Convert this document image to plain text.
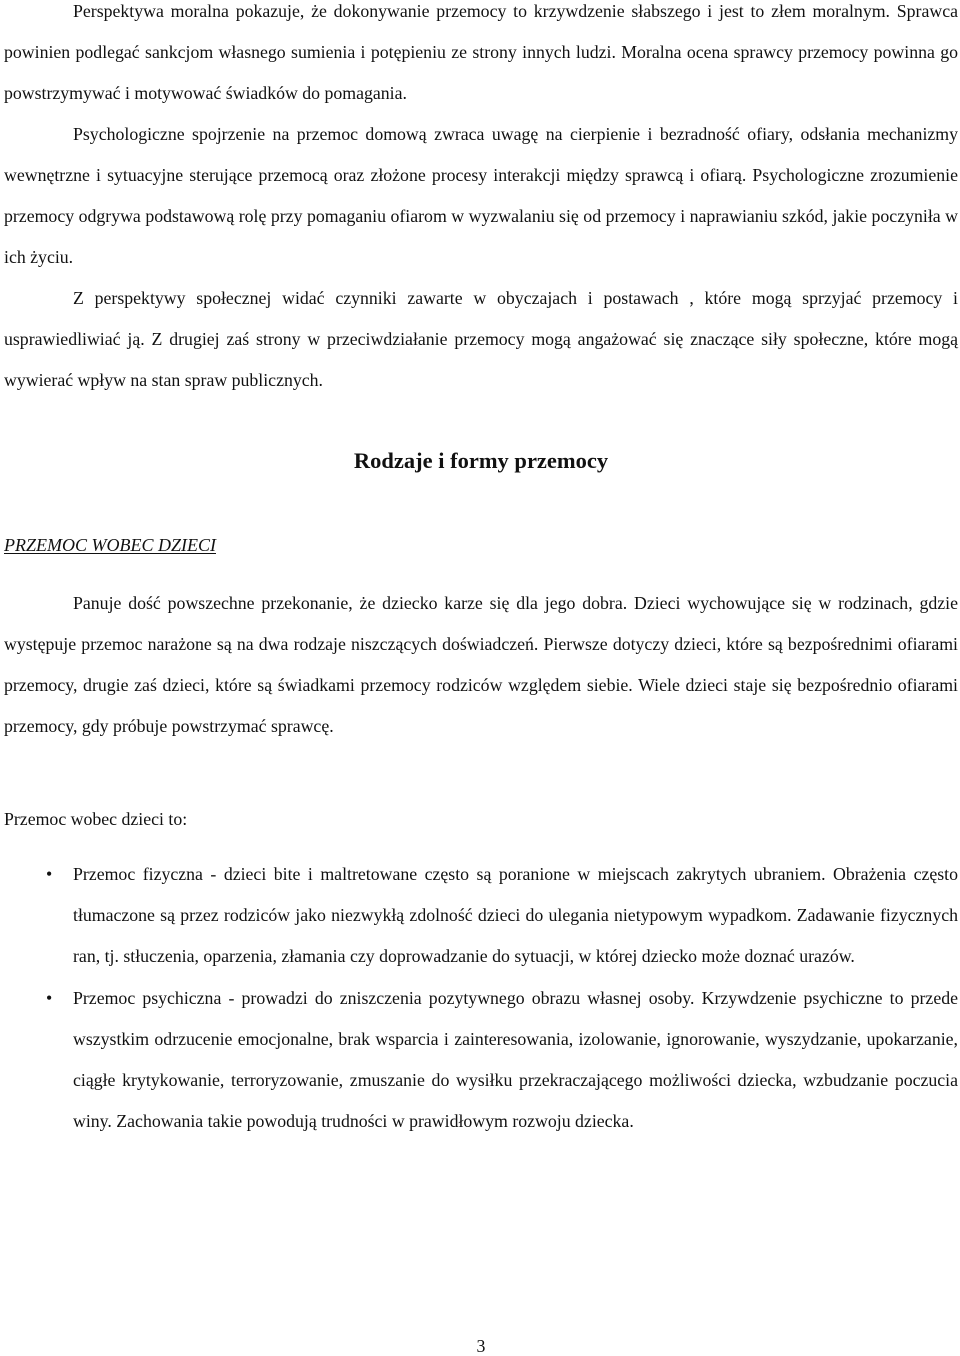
Perspektywa moralna pokazuje, że dokonywanie przemocy to krzywdzenie słabszego i jest to złem moralnym. Sprawca powinien podlegać sankcjom własnego sumienia i potępieniu ze strony innych ludzi. Moralna ocena sprawcy przemocy powinna go powstrzymywać i motywować świadków do pomagania.

Psychologiczne spojrzenie na przemoc domową zwraca uwagę na cierpienie i bezradność ofiary, odsłania mechanizmy wewnętrzne i sytuacyjne sterujące przemocą oraz złożone procesy interakcji między sprawcą i ofiarą. Psychologiczne zrozumienie przemocy odgrywa podstawową rolę przy pomaganiu ofiarom w wyzwalaniu się od przemocy i naprawianiu szkód, jakie poczyniła w ich życiu.

Z perspektywy społecznej widać czynniki zawarte w obyczajach i postawach , które mogą sprzyjać przemocy i usprawiedliwiać ją. Z drugiej zaś strony w przeciwdziałanie przemocy mogą angażować się znaczące siły społeczne, które mogą wywierać wpływ na stan spraw publicznych.

Rodzaje i formy przemocy

PRZEMOC WOBEC DZIECI

Panuje dość powszechne przekonanie, że dziecko karze się dla jego dobra. Dzieci wychowujące się w rodzinach, gdzie występuje przemoc narażone są na dwa rodzaje niszczących doświadczeń. Pierwsze dotyczy dzieci, które są bezpośrednimi ofiarami przemocy, drugie zaś dzieci, które są świadkami przemocy rodziców względem siebie. Wiele dzieci staje się bezpośrednio ofiarami przemocy, gdy próbuje powstrzymać sprawcę.

Przemoc wobec dzieci to:

• Przemoc fizyczna - dzieci bite i maltretowane często są poranione w miejscach zakrytych ubraniem. Obrażenia często tłumaczone są przez rodziców jako niezwykłą zdolność dzieci do ulegania nietypowym wypadkom. Zadawanie fizycznych ran, tj. stłuczenia, oparzenia, złamania czy doprowadzanie do sytuacji, w której dziecko może doznać urazów.

• Przemoc psychiczna - prowadzi do zniszczenia pozytywnego obrazu własnej osoby. Krzywdzenie psychiczne to przede wszystkim odrzucenie emocjonalne, brak wsparcia i zainteresowania, izolowanie, ignorowanie, wyszydzanie, upokarzanie, ciągłe krytykowanie, terroryzowanie, zmuszanie do wysiłku przekraczającego możliwości dziecka, wzbudzanie poczucia winy. Zachowania takie powodują trudności w prawidłowym rozwoju dziecka.

3
